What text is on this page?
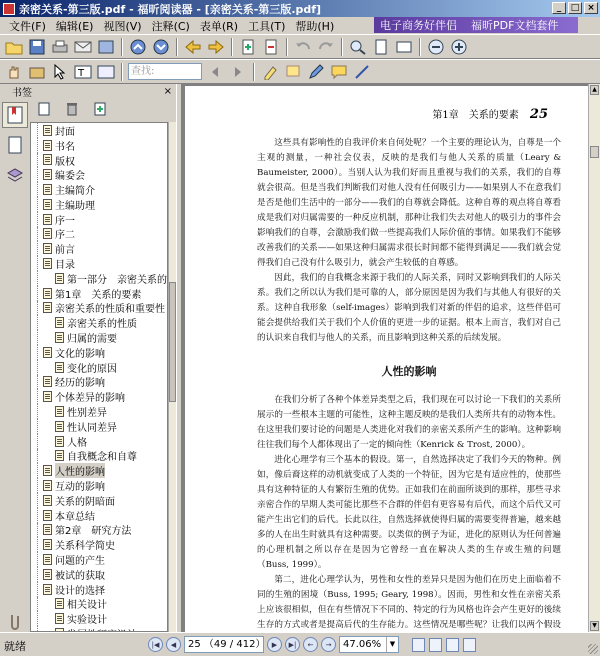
亲密关系-第三版.pdf - 福昕阅读器 - [亲密关系-第三版.pdf]	_	□ ×
文件(F) 编辑(E) 视图(V) 注释(C) 表单(R) 工具(T) 帮助(H)	电子商务好伴侣 福昕PDF文档套件
T	查找:
书签	×
封面
书名
版权
编委会
主编简介
主编助理
序一
序二
前言
目录
第一部分　亲密关系的
第1章　关系的要素
亲密关系的性质和重要性
亲密关系的性质
归属的需要
文化的影响
变化的原因
经历的影响
个体差异的影响
性别差异
性认同差异
人格
自我概念和自尊
人性的影响
互动的影响
关系的阴暗面
本章总结
第2章　研究方法
关系科学简史
问题的产生
被试的获取
设计的选择
相关设计
实验设计
第1章　关系的要素 25

这些具有影响性的自我评价来自何处呢？一个主要的理论认为，自尊是一个主观的测量，一种社会仪表，反映的是我们与他人关系的质量（Leary & Baumeister, 2000）。当别人认为我们好而且重视与我们的关系，我们的自尊就会很高。但是当我们判断我们对他人没有任何吸引力——如果别人不在意我们是否是他们生活中的一部分——我们的自尊就会降低。这种自尊的观点将自尊看成是我们对归属需要的一种反应机制，那种让我们失去对他人的吸引力的事件会影响我们的自尊，会激励我们做一些提高我们人际价值的事情。如果我们不能够改善我们的关系——如果这种归属需求很长时间都不能得到满足——我们就会觉得我们自己没有什么吸引力，就会产生较低的自尊感。

因此，我们的自我概念来源于我们的人际关系，同时又影响到我们的人际关系。我们之所以认为我们是可靠的人，部分原因是因为我们与其他人有很好的关系。这种自我形象（self-images）影响到我们对新的伴侣的追求，这些伴侣可能会提供给我们关于我们个人价值的更进一步的证据。根本上而言，我们对自己的认识来自我们与他人的关系，而且影响到这种关系的后续发展。

人性的影响

在我们分析了各种个体差异类型之后，我们现在可以讨论一下我们的关系所展示的一些根本主题的可能性，这种主题反映的是我们人类所共有的动物本性。在这里我们要讨论的问题是人类进化对我们的亲密关系所产生的影响。这种影响往往我们每个人都体现出了一定的倾向性（Kenrick & Trost, 2000）。

进化心理学有三个基本的假设。第一，自然选择决定了我们今天的物种。例如，像后裔这样的动机就变成了人类的一个特征，因为它是有适应性的，使那些具有这种特征的人有繁衍生殖的优势。正如我们在前面所谈到的那样，那些寻求亲密合作的早期人类可能比那些不合群的伴侣有更容易有后代，而这个后代又可能产生出它们的后代。长此以往，自然选择就使得归属的需要变得普遍，越来越多的人在出生时就具有这种需要。以类似的例子为证，进化的原则认为任何普遍的心理机制之所以存在是因为它曾经一直在解决人类的生存或生殖的问题（Buss, 1999）。

第二，进化心理学认为，男性和女性的差异只是因为他们在历史上面临着不同的生殖的困境（Buss, 1995; Geary, 1998）。因而，男性和女性在亲密关系上应该很相似，但在有些情况下不同的、特定的行为风格也许会产生更好的後续生存的方式或者是提高后代的生存能力。这些情况是哪些呢？让我们以两个假设

▲
▼
就绪	|◀	◀	25 （49 / 412） ▶	▶|	←	→	47.06%	▼
